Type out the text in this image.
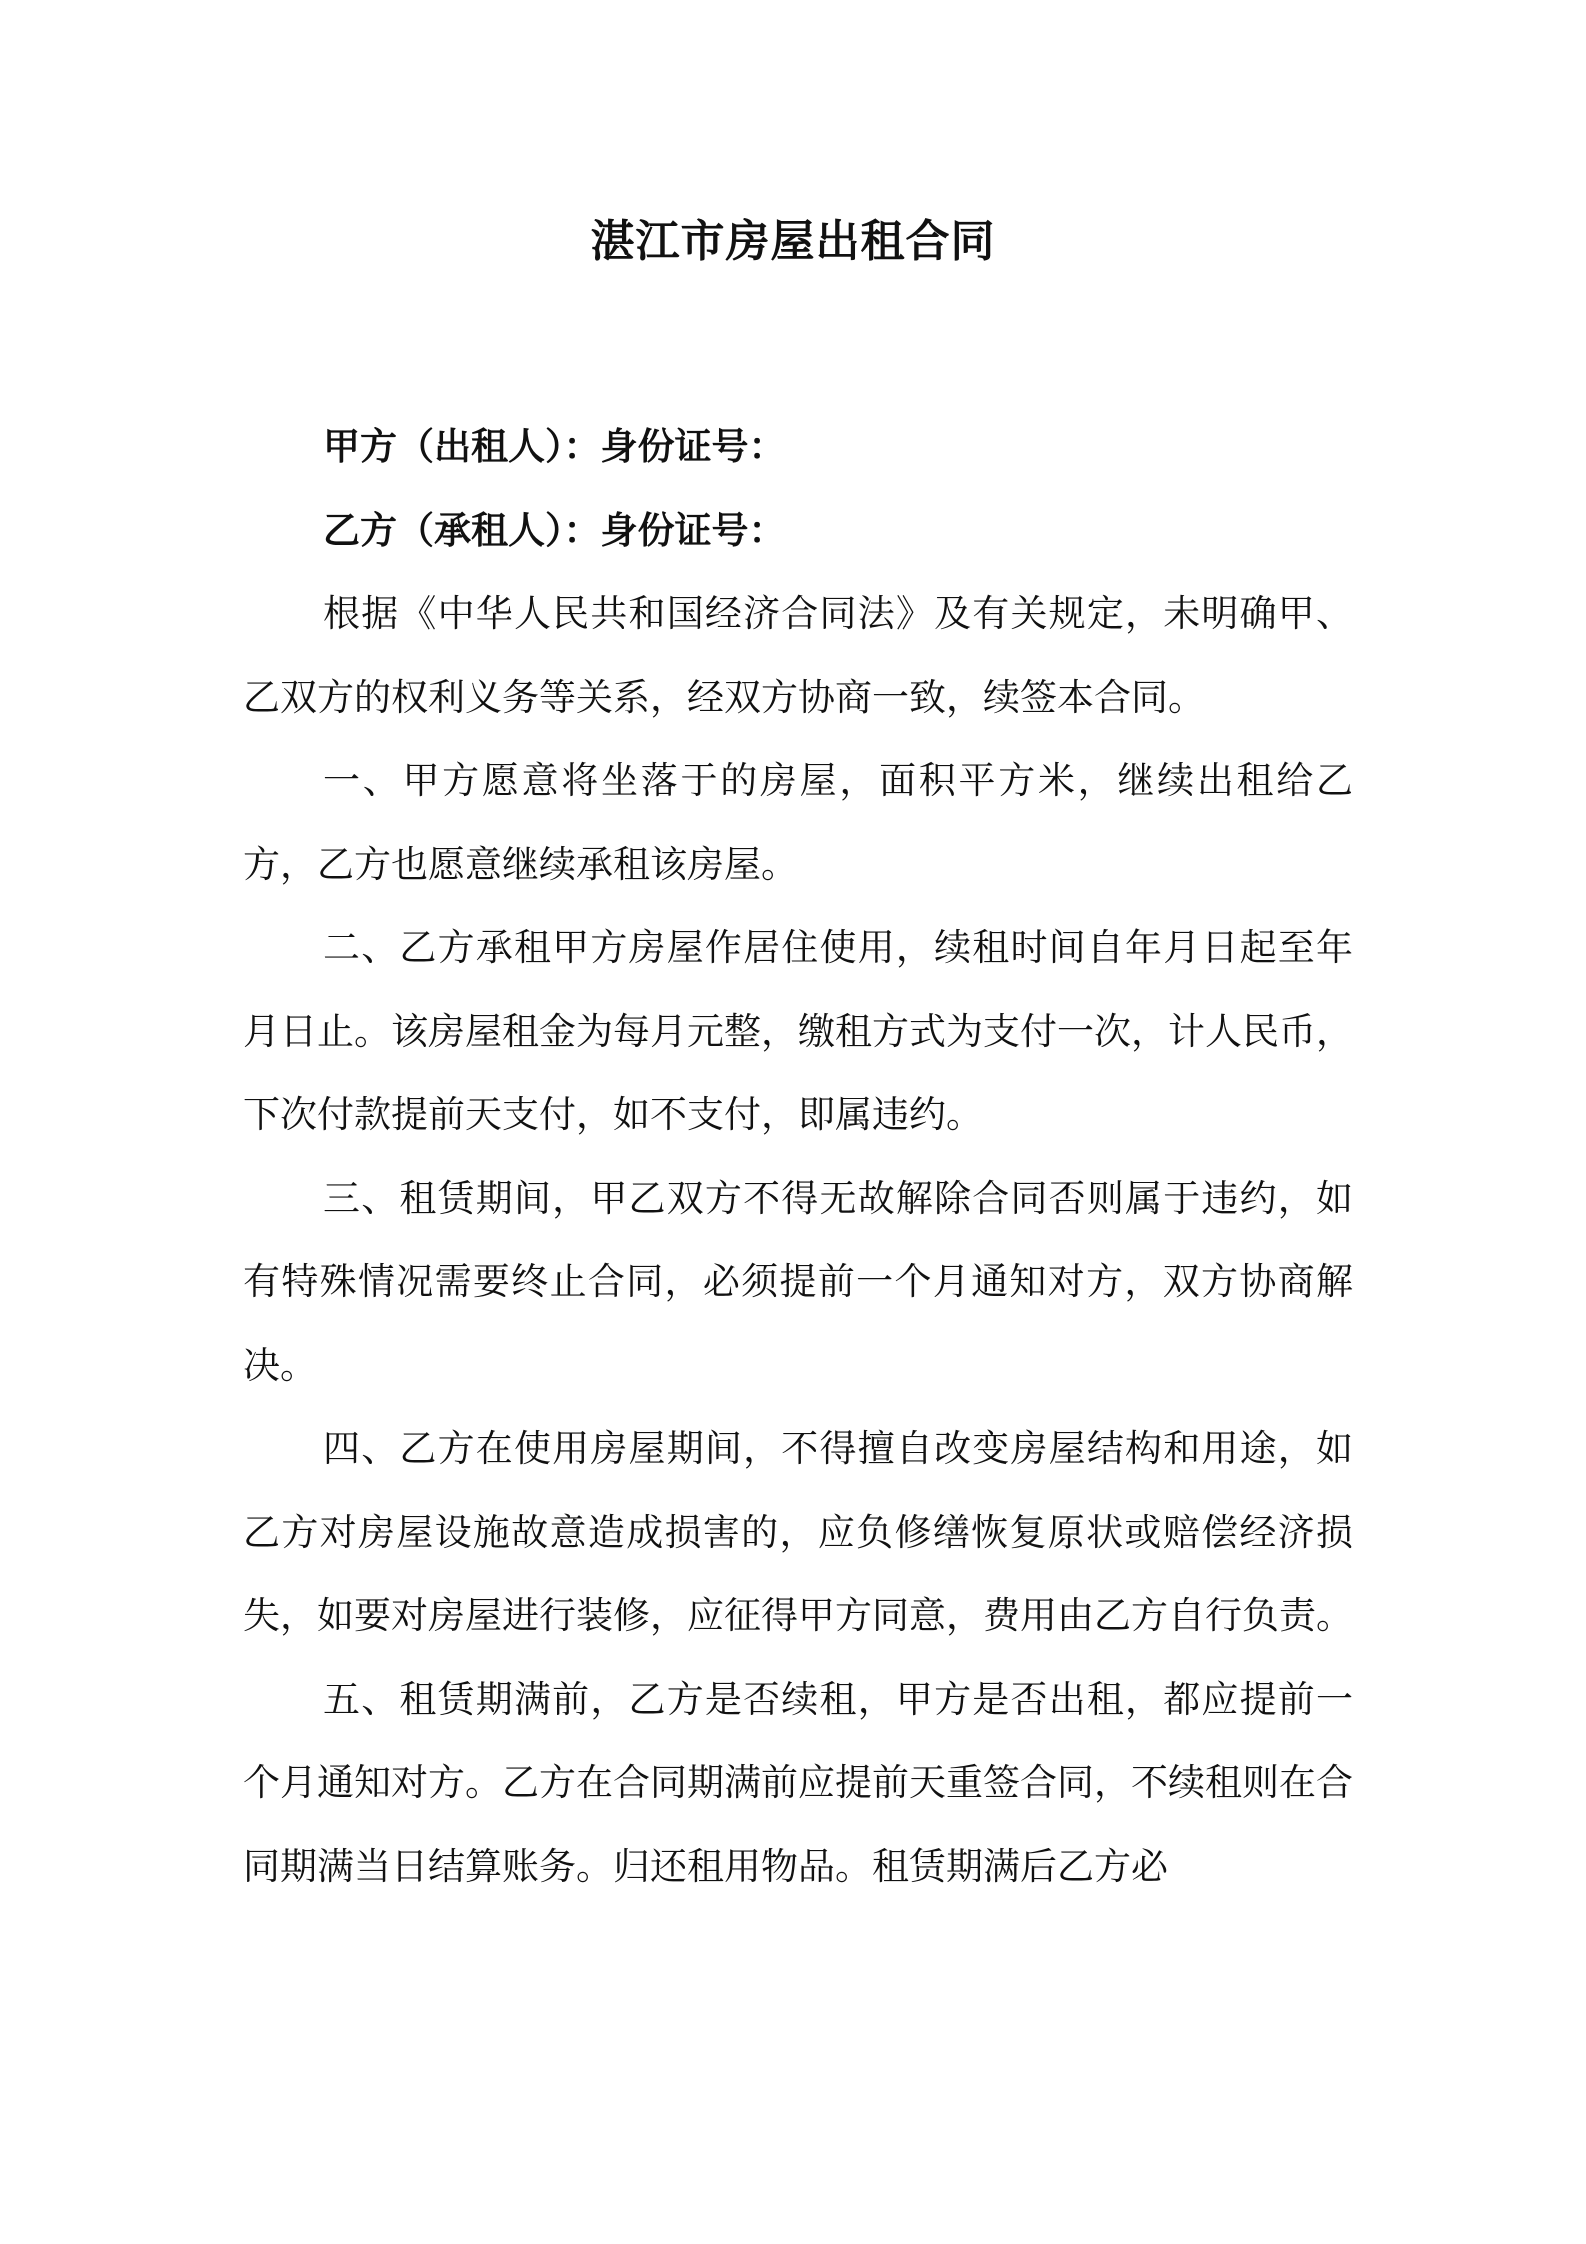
湛江市房屋出租合同

甲方（出租人）：身份证号：

乙方（承租人）：身份证号：

根据《中华人民共和国经济合同法》及有关规定，未明确甲、乙双方的权利义务等关系，经双方协商一致，续签本合同。

一、甲方愿意将坐落于的房屋，面积平方米，继续出租给乙方，乙方也愿意继续承租该房屋。

二、乙方承租甲方房屋作居住使用，续租时间自年月日起至年月日止。该房屋租金为每月元整，缴租方式为支付一次，计人民币，下次付款提前天支付，如不支付，即属违约。

三、租赁期间，甲乙双方不得无故解除合同否则属于违约，如有特殊情况需要终止合同，必须提前一个月通知对方，双方协商解决。

四、乙方在使用房屋期间，不得擅自改变房屋结构和用途，如乙方对房屋设施故意造成损害的，应负修缮恢复原状或赔偿经济损失，如要对房屋进行装修，应征得甲方同意，费用由乙方自行负责。

五、租赁期满前，乙方是否续租，甲方是否出租，都应提前一个月通知对方。乙方在合同期满前应提前天重签合同，不续租则在合同期满当日结算账务。归还租用物品。租赁期满后乙方必
